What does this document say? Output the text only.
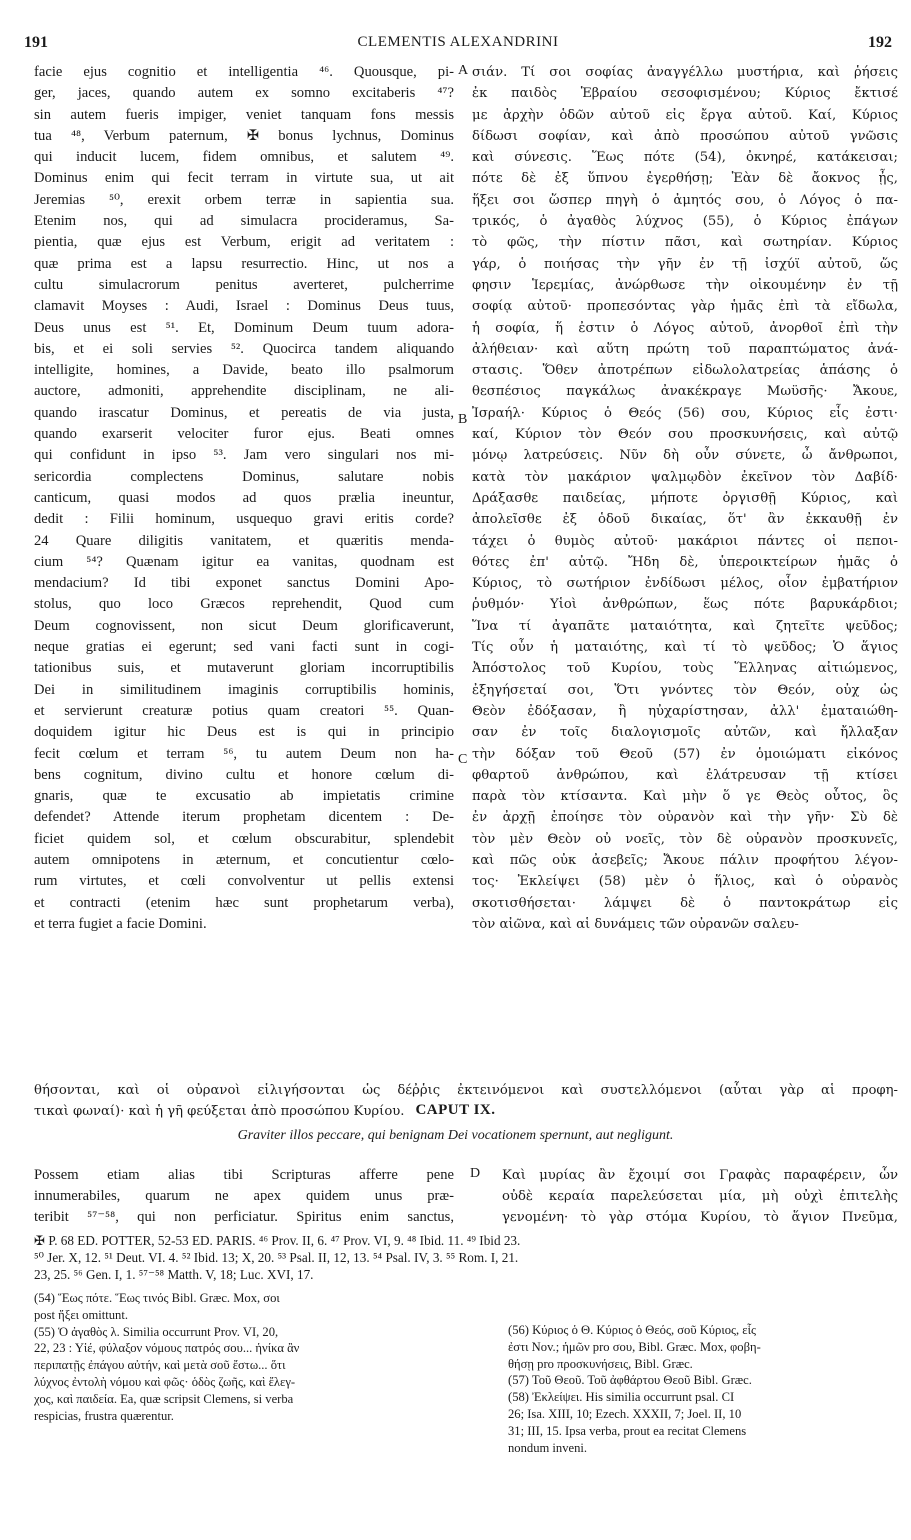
191	CLEMENTIS ALEXANDRINI	192
A
B
C
D
facie ejus cognitio et intelligentia ⁴⁶. Quousque, pi-
ger, jaces, quando autem ex somno excitaberis ⁴⁷?
sin autem fueris impiger, veniet tanquam fons messis
tua ⁴⁸, Verbum paternum, ✠ bonus lychnus, Dominus
qui inducit lucem, fidem omnibus, et salutem ⁴⁹.
Dominus enim qui fecit terram in virtute sua, ut ait
Jeremias ⁵⁰, erexit orbem terræ in sapientia sua.
Etenim nos, qui ad simulacra procideramus, Sa-
pientia, quæ ejus est Verbum, erigit ad veritatem :
quæ prima est a lapsu resurrectio. Hinc, ut nos a
cultu simulacrorum penitus averteret, pulcherrime
clamavit Moyses : Audi, Israel : Dominus Deus tuus,
Deus unus est ⁵¹. Et, Dominum Deum tuum adora-
bis, et ei soli servies ⁵². Quocirca tandem aliquando
intelligite, homines, a Davide, beato illo psalmorum
auctore, admoniti, apprehendite disciplinam, ne ali-
quando irascatur Dominus, et pereatis de via justa,
quando exarserit velociter furor ejus. Beati omnes
qui confidunt in ipso ⁵³. Jam vero singulari nos mi-
sericordia complectens Dominus, salutare nobis
canticum, quasi modos ad quos prælia ineuntur,
dedit : Filii hominum, usquequo gravi eritis corde?
24 Quare diligitis vanitatem, et quæritis menda-
cium ⁵⁴? Quænam igitur ea vanitas, quodnam est
mendacium? Id tibi exponet sanctus Domini Apo-
stolus, quo loco Græcos reprehendit, Quod cum
Deum cognovissent, non sicut Deum glorificaverunt,
neque gratias ei egerunt; sed vani facti sunt in cogi-
tationibus suis, et mutaverunt gloriam incorruptibilis
Dei in similitudinem imaginis corruptibilis hominis,
et servierunt creaturæ potius quam creatori ⁵⁵. Quan-
doquidem igitur hic Deus est is qui in principio
fecit cœlum et terram ⁵⁶, tu autem Deum non ha-
bens cognitum, divino cultu et honore cœlum di-
gnaris, quæ te excusatio ab impietatis crimine
defendet? Attende iterum prophetam dicentem : De-
ficiet quidem sol, et cœlum obscurabitur, splendebit
autem omnipotens in æternum, et concutientur cœlo-
rum virtutes, et cœli convolventur ut pellis extensi
et contracti (etenim hæc sunt prophetarum verba),
et terra fugiet a facie Domini.
σιάν. Τί σοι σοφίας ἀναγγέλλω μυστήρια, καὶ ῥήσεις
ἐκ παιδὸς Ἑβραίου σεσοφισμένου; Κύριος ἔκτισέ
με ἀρχὴν ὁδῶν αὐτοῦ εἰς ἔργα αὐτοῦ. Καί, Κύριος
δίδωσι σοφίαν, καὶ ἀπὸ προσώπου αὐτοῦ γνῶσις
καὶ σύνεσις. Ἕως πότε (54), ὀκνηρέ, κατάκεισαι;
πότε δὲ ἐξ ὕπνου ἐγερθήσῃ; Ἐὰν δὲ ἄοκνος ᾖς,
ἥξει σοι ὥσπερ πηγὴ ὁ ἀμητός σου, ὁ Λόγος ὁ πα-
τρικός, ὁ ἀγαθὸς λύχνος (55), ὁ Κύριος ἐπάγων
τὸ φῶς, τὴν πίστιν πᾶσι, καὶ σωτηρίαν. Κύριος
γάρ, ὁ ποιήσας τὴν γῆν ἐν τῇ ἰσχύϊ αὐτοῦ, ὥς
φησιν Ἱερεμίας, ἀνώρθωσε τὴν οἰκουμένην ἐν τῇ
σοφίᾳ αὐτοῦ· προπεσόντας γὰρ ἡμᾶς ἐπὶ τὰ εἴδωλα,
ἡ σοφία, ἥ ἐστιν ὁ Λόγος αὐτοῦ, ἀνορθοῖ ἐπὶ τὴν
ἀλήθειαν· καὶ αὕτη πρώτη τοῦ παραπτώματος ἀνά-
στασις. Ὅθεν ἀποτρέπων εἰδωλολατρείας ἁπάσης ὁ
θεσπέσιος παγκάλως ἀνακέκραγε Μωϋσῆς· Ἄκουε,
Ἰσραήλ· Κύριος ὁ Θεός (56) σου, Κύριος εἷς ἐστι·
καί, Κύριον τὸν Θεόν σου προσκυνήσεις, καὶ αὐτῷ
μόνῳ λατρεύσεις. Νῦν δὴ οὖν σύνετε, ὦ ἄνθρωποι,
κατὰ τὸν μακάριον ψαλμῳδὸν ἐκεῖνον τὸν Δαβίδ·
Δράξασθε παιδείας, μήποτε ὀργισθῇ Κύριος, καὶ
ἀπολεῖσθε ἐξ ὁδοῦ δικαίας, ὅτ' ἂν ἐκκαυθῇ ἐν
τάχει ὁ θυμὸς αὐτοῦ· μακάριοι πάντες οἱ πεποι-
θότες ἐπ' αὐτῷ. Ἤδη δὲ, ὑπεροικτείρων ἡμᾶς ὁ
Κύριος, τὸ σωτήριον ἐνδίδωσι μέλος, οἷον ἐμβατήριον
ῥυθμόν· Υἱοὶ ἀνθρώπων, ἕως πότε βαρυκάρδιοι;
Ἵνα τί ἀγαπᾶτε ματαιότητα, καὶ ζητεῖτε ψεῦδος;
Τίς οὖν ἡ ματαιότης, καὶ τί τὸ ψεῦδος; Ὁ ἅγιος
Ἀπόστολος τοῦ Κυρίου, τοὺς Ἕλληνας αἰτιώμενος,
ἐξηγήσεταί σοι, Ὅτι γνόντες τὸν Θεόν, οὐχ ὡς
Θεὸν ἐδόξασαν, ἢ ηὐχαρίστησαν, ἀλλ' ἐματαιώθη-
σαν ἐν τοῖς διαλογισμοῖς αὐτῶν, καὶ ἤλλαξαν
τὴν δόξαν τοῦ Θεοῦ (57) ἐν ὁμοιώματι εἰκόνος
φθαρτοῦ ἀνθρώπου, καὶ ἐλάτρευσαν τῇ κτίσει
παρὰ τὸν κτίσαντα. Καὶ μὴν ὅ γε Θεὸς οὗτος, ὃς
ἐν ἀρχῇ ἐποίησε τὸν οὐρανὸν καὶ τὴν γῆν· Σὺ δὲ
τὸν μὲν Θεὸν οὐ νοεῖς, τὸν δὲ οὐρανὸν προσκυνεῖς,
καὶ πῶς οὐκ ἀσεβεῖς; Ἄκουε πάλιν προφήτου λέγον-
τος· Ἐκλείψει (58) μὲν ὁ ἥλιος, καὶ ὁ οὐρανὸς
σκοτισθήσεται· λάμψει δὲ ὁ παντοκράτωρ εἰς
τὸν αἰῶνα, καὶ αἱ δυνάμεις τῶν οὐρανῶν σαλευ-
θήσονται, καὶ οἱ οὐρανοὶ εἱλιγήσονται ὡς δέῤῥις ἐκτεινόμενοι καὶ συστελλόμενοι (αὗται γὰρ αἱ προφη-
τικαὶ φωναί)· καὶ ἡ γῆ φεύξεται ἀπὸ προσώπου Κυρίου. CAPUT IX.
Graviter illos peccare, qui benignam Dei vocationem spernunt, aut negligunt.
Possem etiam alias tibi Scripturas afferre pene
innumerabiles, quarum ne apex quidem unus præ-
teribit ⁵⁷⁻⁵⁸, qui non perficiatur. Spiritus enim sanctus,
Καὶ μυρίας ἂν ἔχοιμί σοι Γραφὰς παραφέρειν, ὧν
οὐδὲ κεραία παρελεύσεται μία, μὴ οὐχὶ ἐπιτελὴς
γενομένη· τὸ γὰρ στόμα Κυρίου, τὸ ἅγιον Πνεῦμα,
✠ P. 68 ED. POTTER, 52-53 ED. PARIS. ⁴⁶ Prov. II, 6. ⁴⁷ Prov. VI, 9. ⁴⁸ Ibid. 11. ⁴⁹ Ibid 23.
⁵⁰ Jer. X, 12. ⁵¹ Deut. VI. 4. ⁵² Ibid. 13; X, 20. ⁵³ Psal. II, 12, 13. ⁵⁴ Psal. IV, 3. ⁵⁵ Rom. I, 21.
23, 25. ⁵⁶ Gen. I, 1. ⁵⁷⁻⁵⁸ Matth. V, 18; Luc. XVI, 17.
(54) Ἕως πότε. Ἕως τινός Bibl. Græc. Mox, σοι
post ἥξει omittunt.
(55) Ὁ ἀγαθὸς λ. Similia occurrunt Prov. VI, 20,
22, 23 : Υἱέ, φύλαξον νόμους πατρός σου... ἡνίκα ἂν
περιπατῇς ἐπάγου αὐτήν, καὶ μετὰ σοῦ ἔστω... ὅτι
λύχνος ἐντολὴ νόμου καὶ φῶς· ὁδὸς ζωῆς, καὶ ἔλεγ-
χος, καὶ παιδεία. Ea, quæ scripsit Clemens, si verba
respicias, frustra quærentur.
(56) Κύριος ὁ Θ. Κύριος ὁ Θεός, σοῦ Κύριος, εἷς
ἐστι Nov.; ἡμῶν pro σου, Bibl. Græc. Mox, φοβη-
θήσῃ pro προσκυνήσεις, Bibl. Græc.
(57) Τοῦ Θεοῦ. Τοῦ ἀφθάρτου Θεοῦ Bibl. Græc.
(58) Ἐκλείψει. His similia occurrunt psal. CI
26; Isa. XIII, 10; Ezech. XXXII, 7; Joel. II, 10
31; III, 15. Ipsa verba, prout ea recitat Clemens
nondum inveni.
